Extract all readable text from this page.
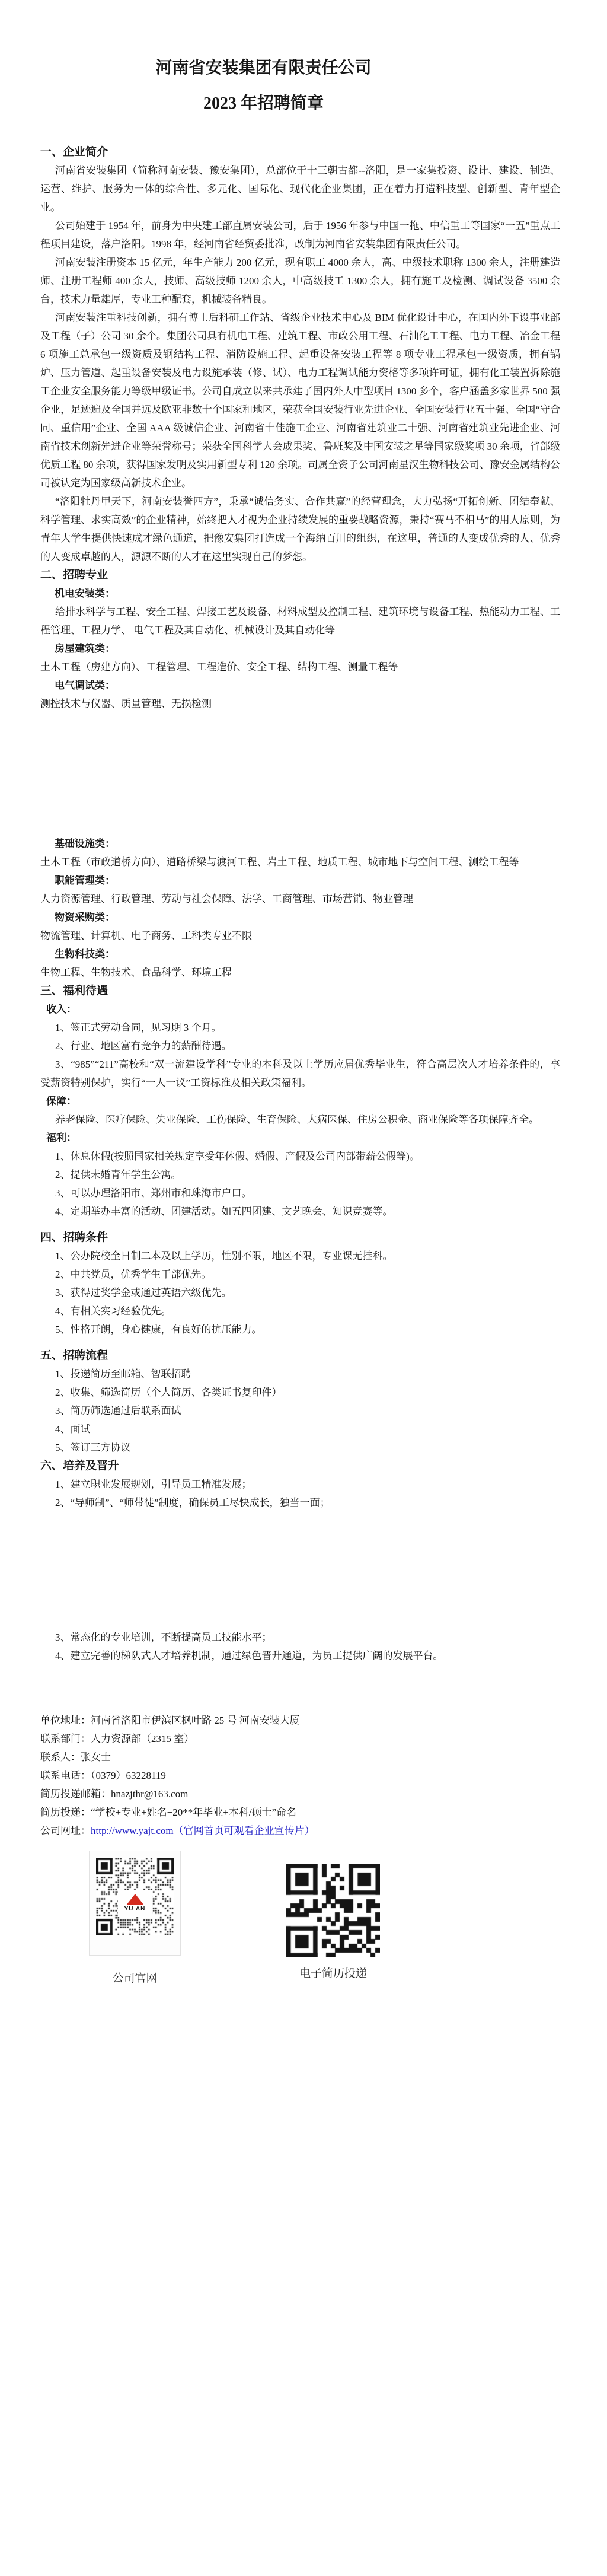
河南省安装集团有限责任公司
2023 年招聘简章
一、企业简介

河南省安装集团（简称河南安装、豫安集团），总部位于十三朝古都--洛阳，是一家集投资、设计、建设、制造、运营、维护、服务为一体的综合性、多元化、国际化、现代化企业集团，正在着力打造科技型、创新型、青年型企业。

公司始建于 1954 年，前身为中央建工部直属安装公司，后于 1956 年参与中国一拖、中信重工等国家“一五”重点工程项目建设，落户洛阳。1998 年，经河南省经贸委批准，改制为河南省安装集团有限责任公司。

河南安装注册资本 15 亿元，年生产能力 200 亿元，现有职工 4000 余人，高、中级技术职称 1300 余人，注册建造师、注册工程师 400 余人，技师、高级技师 1200 余人，中高级技工 1300 余人，拥有施工及检测、调试设备 3500 余台，技术力量雄厚，专业工种配套，机械装备精良。

河南安装注重科技创新，拥有博士后科研工作站、省级企业技术中心及 BIM 优化设计中心，在国内外下设事业部及工程（子）公司 30 余个。集团公司具有机电工程、建筑工程、市政公用工程、石油化工工程、电力工程、冶金工程 6 项施工总承包一级资质及钢结构工程、消防设施工程、起重设备安装工程等 8 项专业工程承包一级资质，拥有锅炉、压力管道、起重设备安装及电力设施承装（修、试）、电力工程调试能力资格等多项许可证，拥有化工装置拆除施工企业安全服务能力等级甲级证书。公司自成立以来共承建了国内外大中型项目 1300 多个，客户涵盖多家世界 500 强企业，足迹遍及全国并远及欧亚非数十个国家和地区，荣获全国安装行业先进企业、全国安装行业五十强、全国“守合同、重信用”企业、全国 AAA 级诚信企业、河南省十佳施工企业、河南省建筑业二十强、河南省建筑业先进企业、河南省技术创新先进企业等荣誉称号；荣获全国科学大会成果奖、鲁班奖及中国安装之星等国家级奖项 30 余项，省部级优质工程 80 余项，获得国家发明及实用新型专利 120 余项。司属全资子公司河南星汉生物科技公司、豫安金属结构公司被认定为国家级高新技术企业。

“洛阳牡丹甲天下，河南安装誉四方”，秉承“诚信务实、合作共赢”的经营理念，大力弘扬“开拓创新、团结奉献、科学管理、求实高效”的企业精神，始终把人才视为企业持续发展的重要战略资源，秉持“赛马不相马”的用人原则，为青年大学生提供快速成才绿色通道，把豫安集团打造成一个海纳百川的组织，在这里，普通的人变成优秀的人、优秀的人变成卓越的人，源源不断的人才在这里实现自己的梦想。

二、招聘专业
机电安装类：

给排水科学与工程、安全工程、焊接工艺及设备、材料成型及控制工程、建筑环境与设备工程、热能动力工程、工程管理、工程力学、 电气工程及其自动化、机械设计及其自动化等

房屋建筑类：

土木工程（房建方向）、工程管理、工程造价、安全工程、结构工程、测量工程等

电气调试类：

测控技术与仪器、质量管理、无损检测

基础设施类：

土木工程（市政道桥方向）、道路桥梁与渡河工程、岩土工程、地质工程、城市地下与空间工程、测绘工程等

职能管理类：

人力资源管理、行政管理、劳动与社会保障、法学、工商管理、市场营销、物业管理

物资采购类：

物流管理、计算机、电子商务、工科类专业不限

生物科技类：

生物工程、生物技术、食品科学、环境工程

三、福利待遇
收入：

1、签正式劳动合同，见习期 3 个月。

2、行业、地区富有竞争力的薪酬待遇。

3、“985”“211”高校和“双一流建设学科”专业的本科及以上学历应届优秀毕业生，符合高层次人才培养条件的，享受薪资特别保护，实行“一人一议”工资标准及相关政策福利。

保障：

养老保险、医疗保险、失业保险、工伤保险、生育保险、大病医保、住房公积金、商业保险等各项保障齐全。

福利：

1、休息休假(按照国家相关规定享受年休假、婚假、产假及公司内部带薪公假等)。

2、提供未婚青年学生公寓。

3、可以办理洛阳市、郑州市和珠海市户口。

4、定期举办丰富的活动、团建活动。如五四团建、文艺晚会、知识竞赛等。

四、招聘条件

1、公办院校全日制二本及以上学历，性别不限，地区不限，专业课无挂科。

2、中共党员，优秀学生干部优先。

3、获得过奖学金或通过英语六级优先。

4、有相关实习经验优先。

5、性格开朗，身心健康，有良好的抗压能力。

五、招聘流程

1、投递简历至邮箱、智联招聘

2、收集、筛选简历（个人简历、各类证书复印件）

3、简历筛选通过后联系面试

4、面试

5、签订三方协议

六、培养及晋升

1、建立职业发展规划，引导员工精准发展；

2、“导师制”、“师带徒”制度，确保员工尽快成长，独当一面；

3、常态化的专业培训，不断提高员工技能水平；

4、建立完善的梯队式人才培养机制，通过绿色晋升通道，为员工提供广阔的发展平台。

单位地址：河南省洛阳市伊滨区枫叶路 25 号 河南安装大厦

联系部门：人力资源部（2315 室）

联系人：张女士

联系电话：（0379）63228119

简历投递邮箱：hnazjthr@163.com

简历投递：“学校+专业+姓名+20**年毕业+本科/硕士”命名

公司网址：http://www.yajt.com（官网首页可观看企业宣传片）

YU AN
公司官网	电子简历投递
